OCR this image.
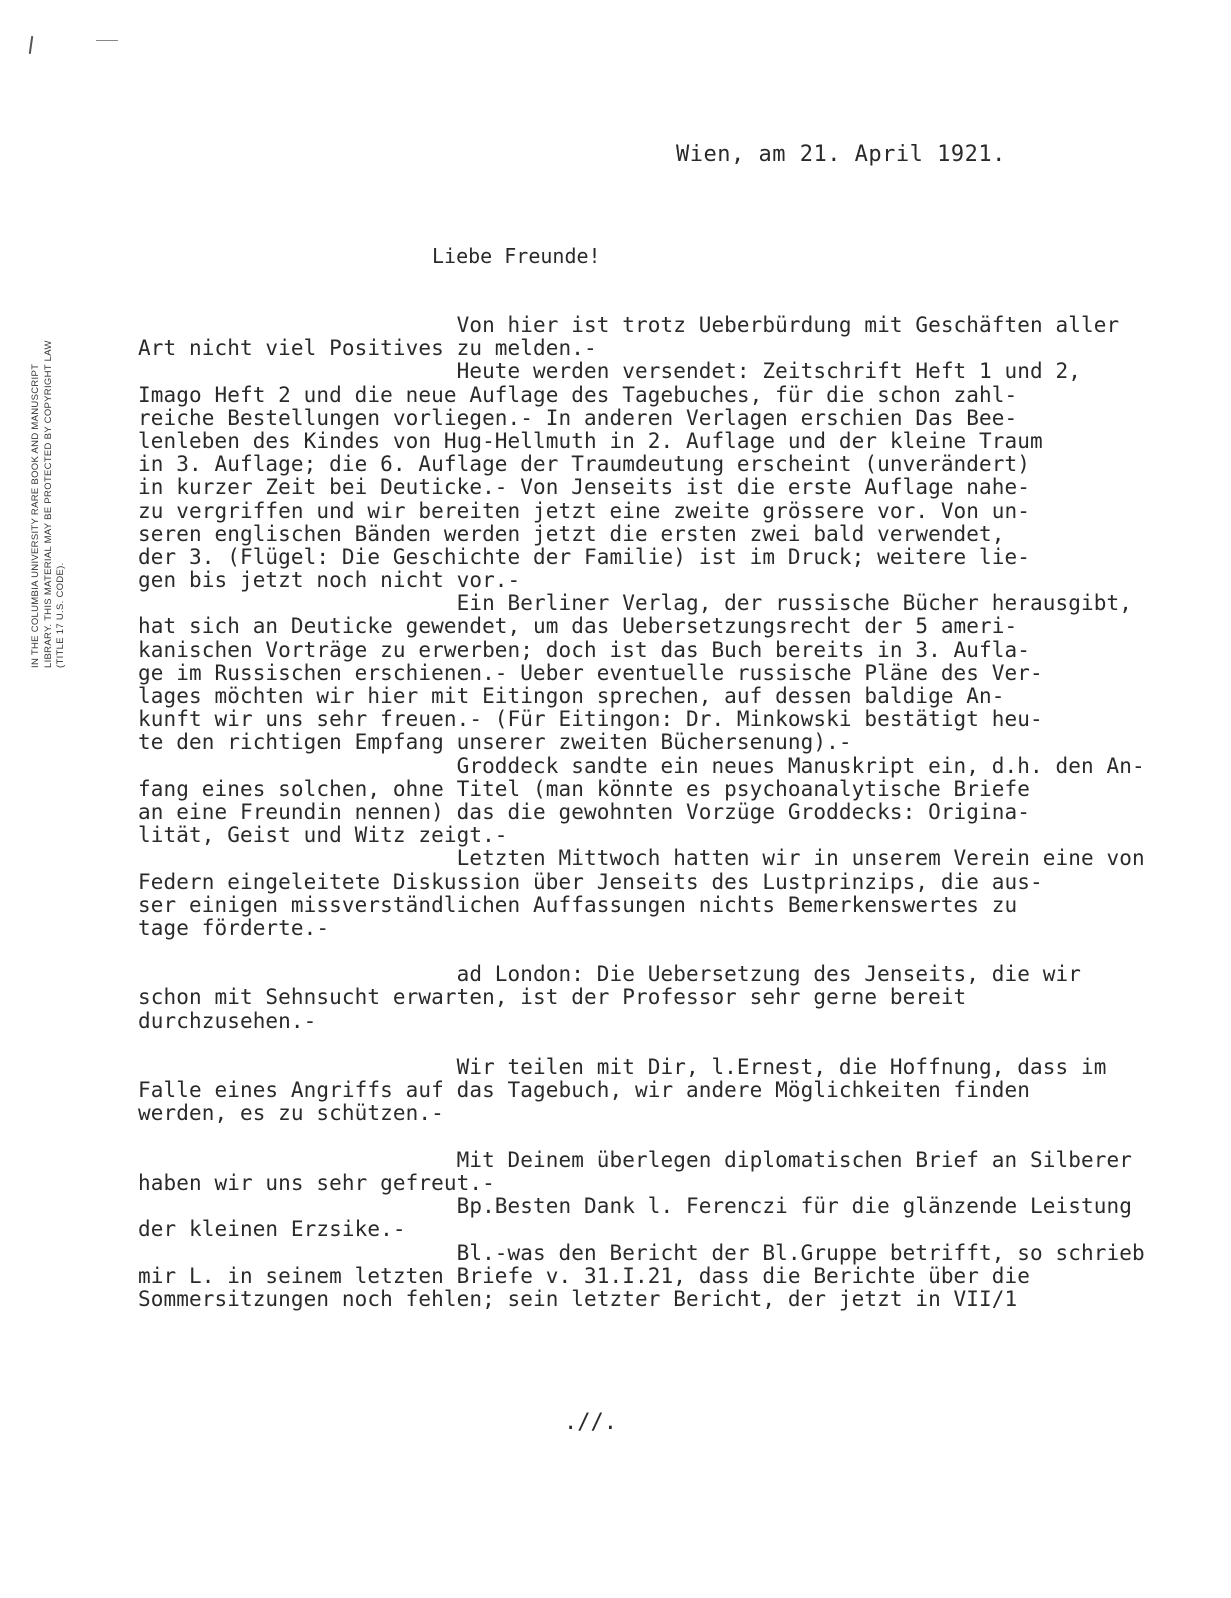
Wien, am 21. April 1921.
Liebe Freunde!
IN THE COLUMBIA UNIVERSITY RARE BOOK AND MANUSCRIPT LIBRARY. THIS MATERIAL MAY BE PROTECTED BY COPYRIGHT LAW (TITLE 17 U.S. CODE).
Von hier ist trotz Ueberbürdung mit Geschäften aller
Art nicht viel Positives zu melden.-
Heute werden versendet: Zeitschrift Heft 1 und 2,
Imago Heft 2 und die neue Auflage des Tagebuches, für die schon zahl-
reiche Bestellungen vorliegen.- In anderen Verlagen erschien Das Bee-
lenleben des Kindes von Hug-Hellmuth in 2. Auflage und der kleine Traum
in 3. Auflage; die 6. Auflage der Traumdeutung erscheint (unverändert)
in kurzer Zeit bei Deuticke.- Von Jenseits ist die erste Auflage nahe-
zu vergriffen und wir bereiten jetzt eine zweite grössere vor. Von un-
seren englischen Bänden werden jetzt die ersten zwei bald verwendet,
der 3. (Flügel: Die Geschichte der Familie) ist im Druck; weitere lie-
gen bis jetzt noch nicht vor.-
Ein Berliner Verlag, der russische Bücher herausgibt,
hat sich an Deuticke gewendet, um das Uebersetzungsrecht der 5 ameri-
kanischen Vorträge zu erwerben; doch ist das Buch bereits in 3. Aufla-
ge im Russischen erschienen.- Ueber eventuelle russische Pläne des Ver-
lages möchten wir hier mit Eitingon sprechen, auf dessen baldige An-
kunft wir uns sehr freuen.- (Für Eitingon: Dr. Minkowski bestätigt heu-
te den richtigen Empfang unserer zweiten Büchersenung).-
Groddeck sandte ein neues Manuskript ein, d.h. den An-
fang eines solchen, ohne Titel (man könnte es psychoanalytische Briefe
an eine Freundin nennen) das die gewohnten Vorzüge Groddecks: Origina-
lität, Geist und Witz zeigt.-
Letzten Mittwoch hatten wir in unserem Verein eine von
Federn eingeleitete Diskussion über Jenseits des Lustprinzips, die aus-
ser einigen missverständlichen Auffassungen nichts Bemerkenswertes zu
tage förderte.-
ad London: Die Uebersetzung des Jenseits, die wir
schon mit Sehnsucht erwarten, ist der Professor sehr gerne bereit
durchzusehen.-
Wir teilen mit Dir, l.Ernest, die Hoffnung, dass im
Falle eines Angriffs auf das Tagebuch, wir andere Möglichkeiten finden
werden, es zu schützen.-
Mit Deinem überlegen diplomatischen Brief an Silberer
haben wir uns sehr gefreut.-
Bp.Besten Dank l. Ferenczi für die glänzende Leistung
der kleinen Erzsike.-
Bl.-was den Bericht der Bl.Gruppe betrifft, so schrieb
mir L. in seinem letzten Briefe v. 31.I.21, dass die Berichte über die
Sommersitzungen noch fehlen; sein letzter Bericht, der jetzt in VII/1
.//.
